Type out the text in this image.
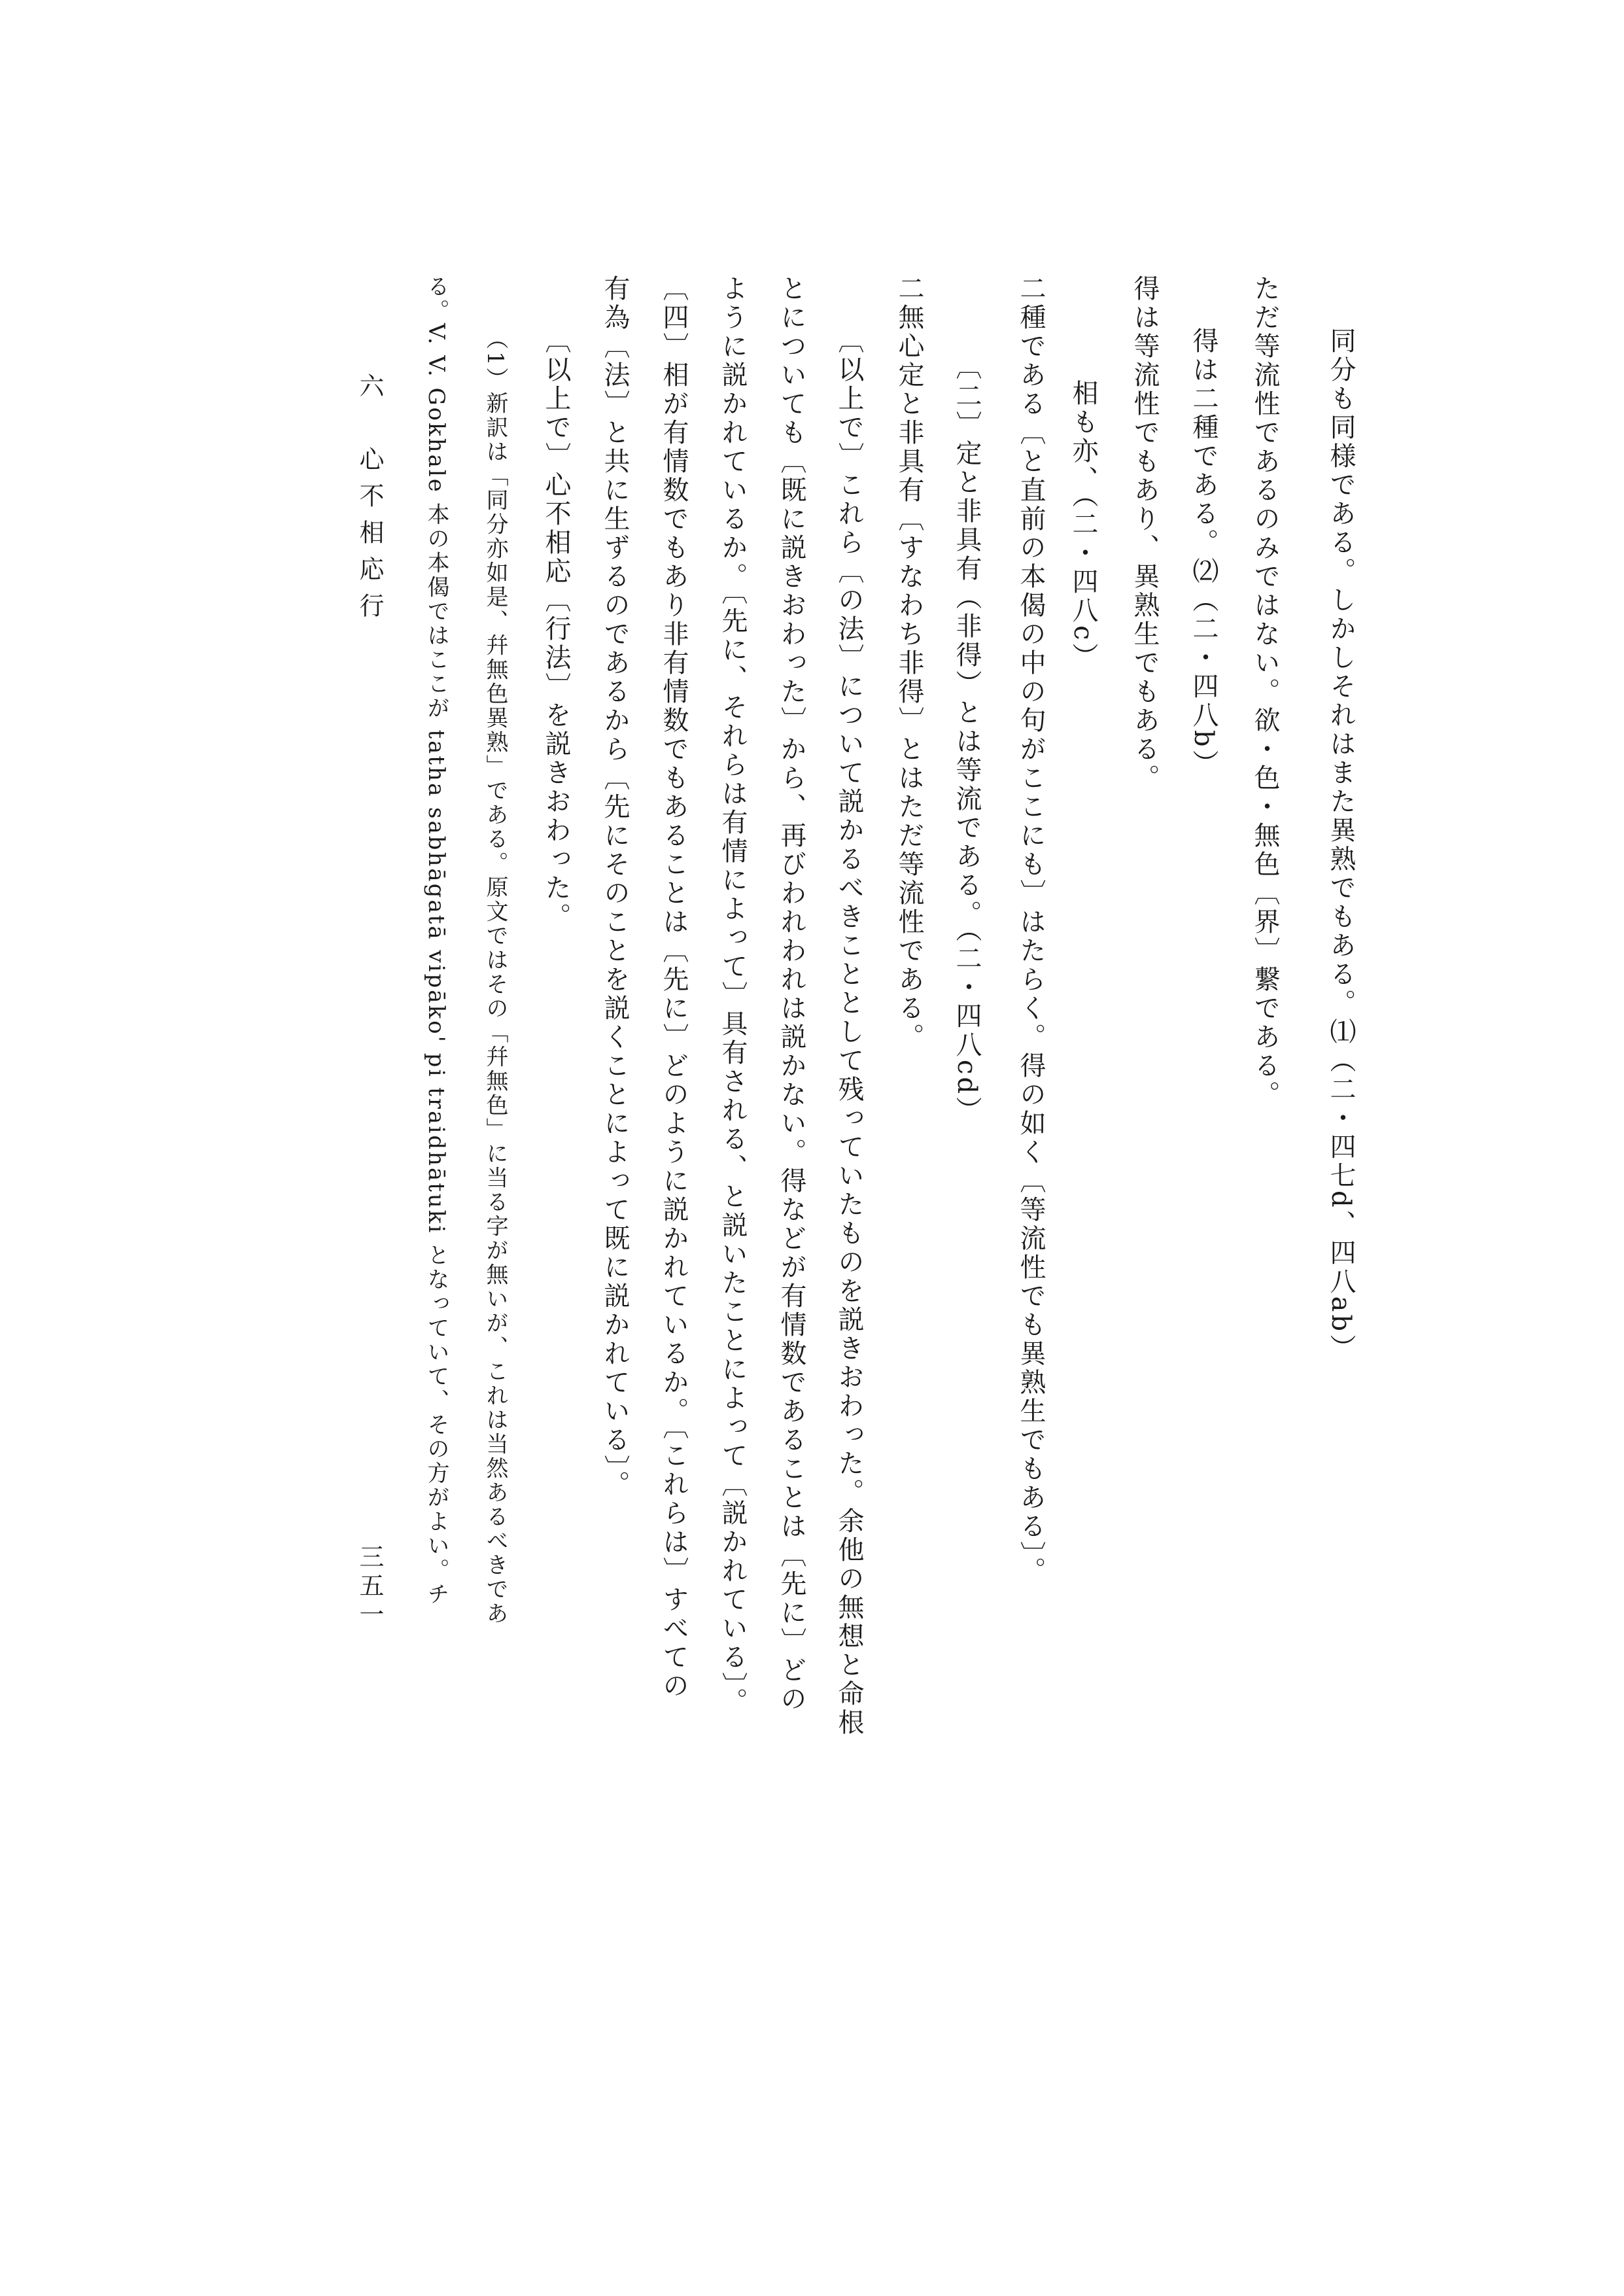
同分も同様である。しかしそれはまた異熟でもある。⑴（二・四七d、四八ab）
ただ等流性であるのみではない。欲・色・無色〔界〕繋である。
得は二種である。⑵（二・四八b）
得は等流性でもあり、異熟生でもある。
相も亦、（二・四八c）
二種である〔と直前の本偈の中の句がここにも〕はたらく。得の如く〔等流性でも異熟生でもある〕。
〔二〕定と非具有（非得）とは等流である。（二・四八cd）
二無心定と非具有〔すなわち非得〕とはただ等流性である。
〔以上で〕これら〔の法〕について説かるべきこととして残っていたものを説きおわった。余他の無想と命根
とについても〔既に説きおわった〕から、再びわれわれは説かない。得などが有情数であることは〔先に〕どの
ように説かれているか。〔先に、それらは有情によって〕具有される、と説いたことによって〔説かれている〕。
〔四〕相が有情数でもあり非有情数でもあることは〔先に〕どのように説かれているか。〔これらは〕すべての
有為〔法〕と共に生ずるのであるから〔先にそのことを説くことによって既に説かれている〕。
〔以上で〕心不相応〔行法〕を説きおわった。
（1）新訳は「同分亦如是、幷無色異熟」である。原文ではその「幷無色」に当る字が無いが、これは当然あるべきであ
る。V. V. Gokhale 本の本偈ではここが tatha sabhāgatā vipāko' pi traidhātuki となっていて、その方がよい。チ
六　心不相応行
三五一
